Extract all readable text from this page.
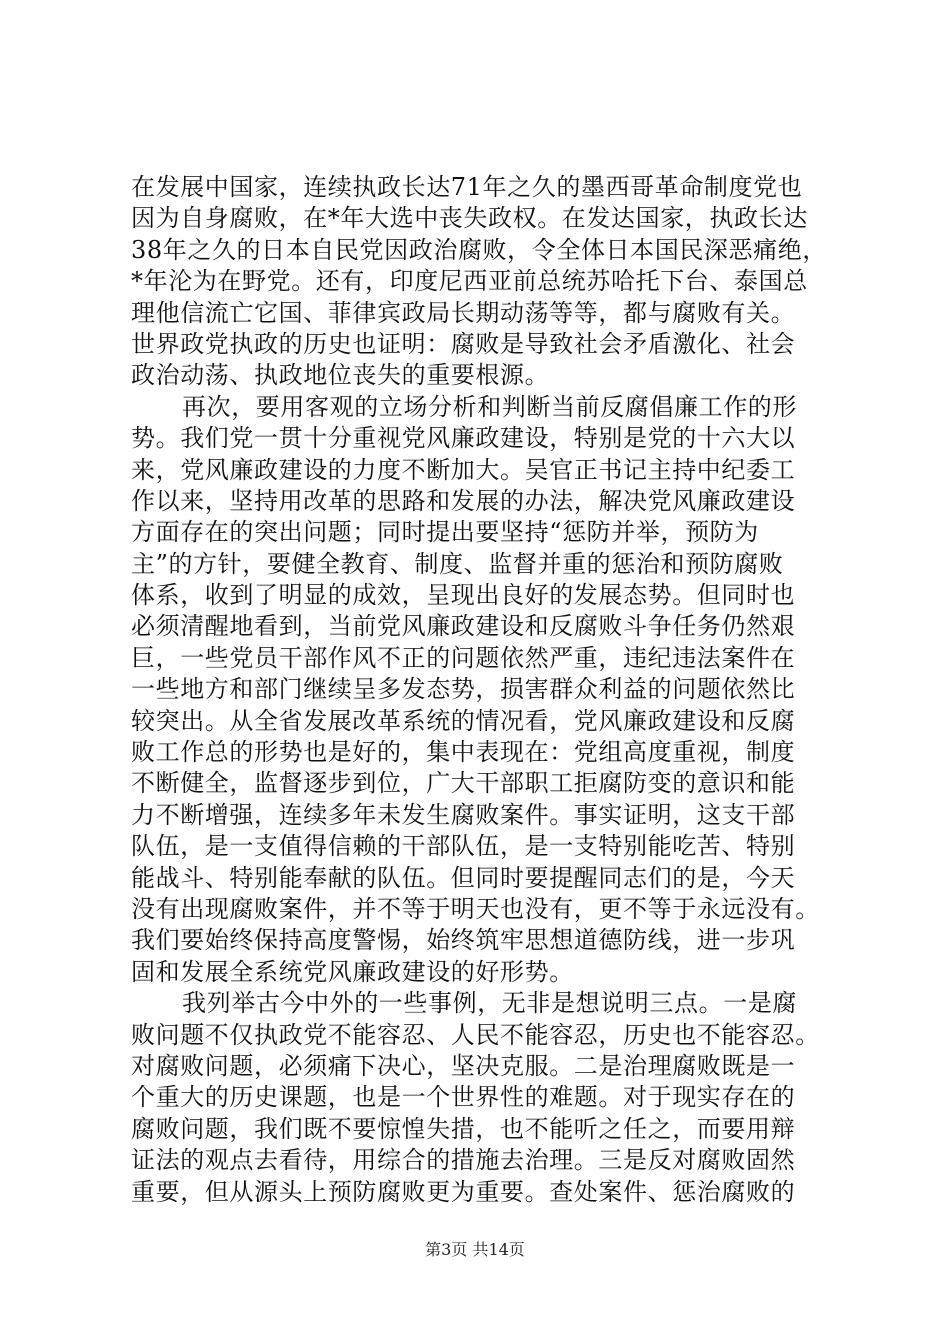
在发展中国家，连续执政长达71年之久的墨西哥革命制度党也
因为自身腐败，在*年大选中丧失政权。在发达国家，执政长达
38年之久的日本自民党因政治腐败，令全体日本国民深恶痛绝，
*年沦为在野党。还有，印度尼西亚前总统苏哈托下台、泰国总
理他信流亡它国、菲律宾政局长期动荡等等，都与腐败有关。
世界政党执政的历史也证明：腐败是导致社会矛盾激化、社会
政治动荡、执政地位丧失的重要根源。
再次，要用客观的立场分析和判断当前反腐倡廉工作的形
势。我们党一贯十分重视党风廉政建设，特别是党的十六大以
来，党风廉政建设的力度不断加大。吴官正书记主持中纪委工
作以来，坚持用改革的思路和发展的办法，解决党风廉政建设
方面存在的突出问题；同时提出要坚持“惩防并举，预防为
主”的方针，要健全教育、制度、监督并重的惩治和预防腐败
体系，收到了明显的成效，呈现出良好的发展态势。但同时也
必须清醒地看到，当前党风廉政建设和反腐败斗争任务仍然艰
巨，一些党员干部作风不正的问题依然严重，违纪违法案件在
一些地方和部门继续呈多发态势，损害群众利益的问题依然比
较突出。从全省发展改革系统的情况看，党风廉政建设和反腐
败工作总的形势也是好的，集中表现在：党组高度重视，制度
不断健全，监督逐步到位，广大干部职工拒腐防变的意识和能
力不断增强，连续多年未发生腐败案件。事实证明，这支干部
队伍，是一支值得信赖的干部队伍，是一支特别能吃苦、特别
能战斗、特别能奉献的队伍。但同时要提醒同志们的是，今天
没有出现腐败案件，并不等于明天也没有，更不等于永远没有。
我们要始终保持高度警惕，始终筑牢思想道德防线，进一步巩
固和发展全系统党风廉政建设的好形势。
我列举古今中外的一些事例，无非是想说明三点。一是腐
败问题不仅执政党不能容忍、人民不能容忍，历史也不能容忍。
对腐败问题，必须痛下决心，坚决克服。二是治理腐败既是一
个重大的历史课题，也是一个世界性的难题。对于现实存在的
腐败问题，我们既不要惊惶失措，也不能听之任之，而要用辩
证法的观点去看待，用综合的措施去治理。三是反对腐败固然
重要，但从源头上预防腐败更为重要。查处案件、惩治腐败的
第3页 共14页
